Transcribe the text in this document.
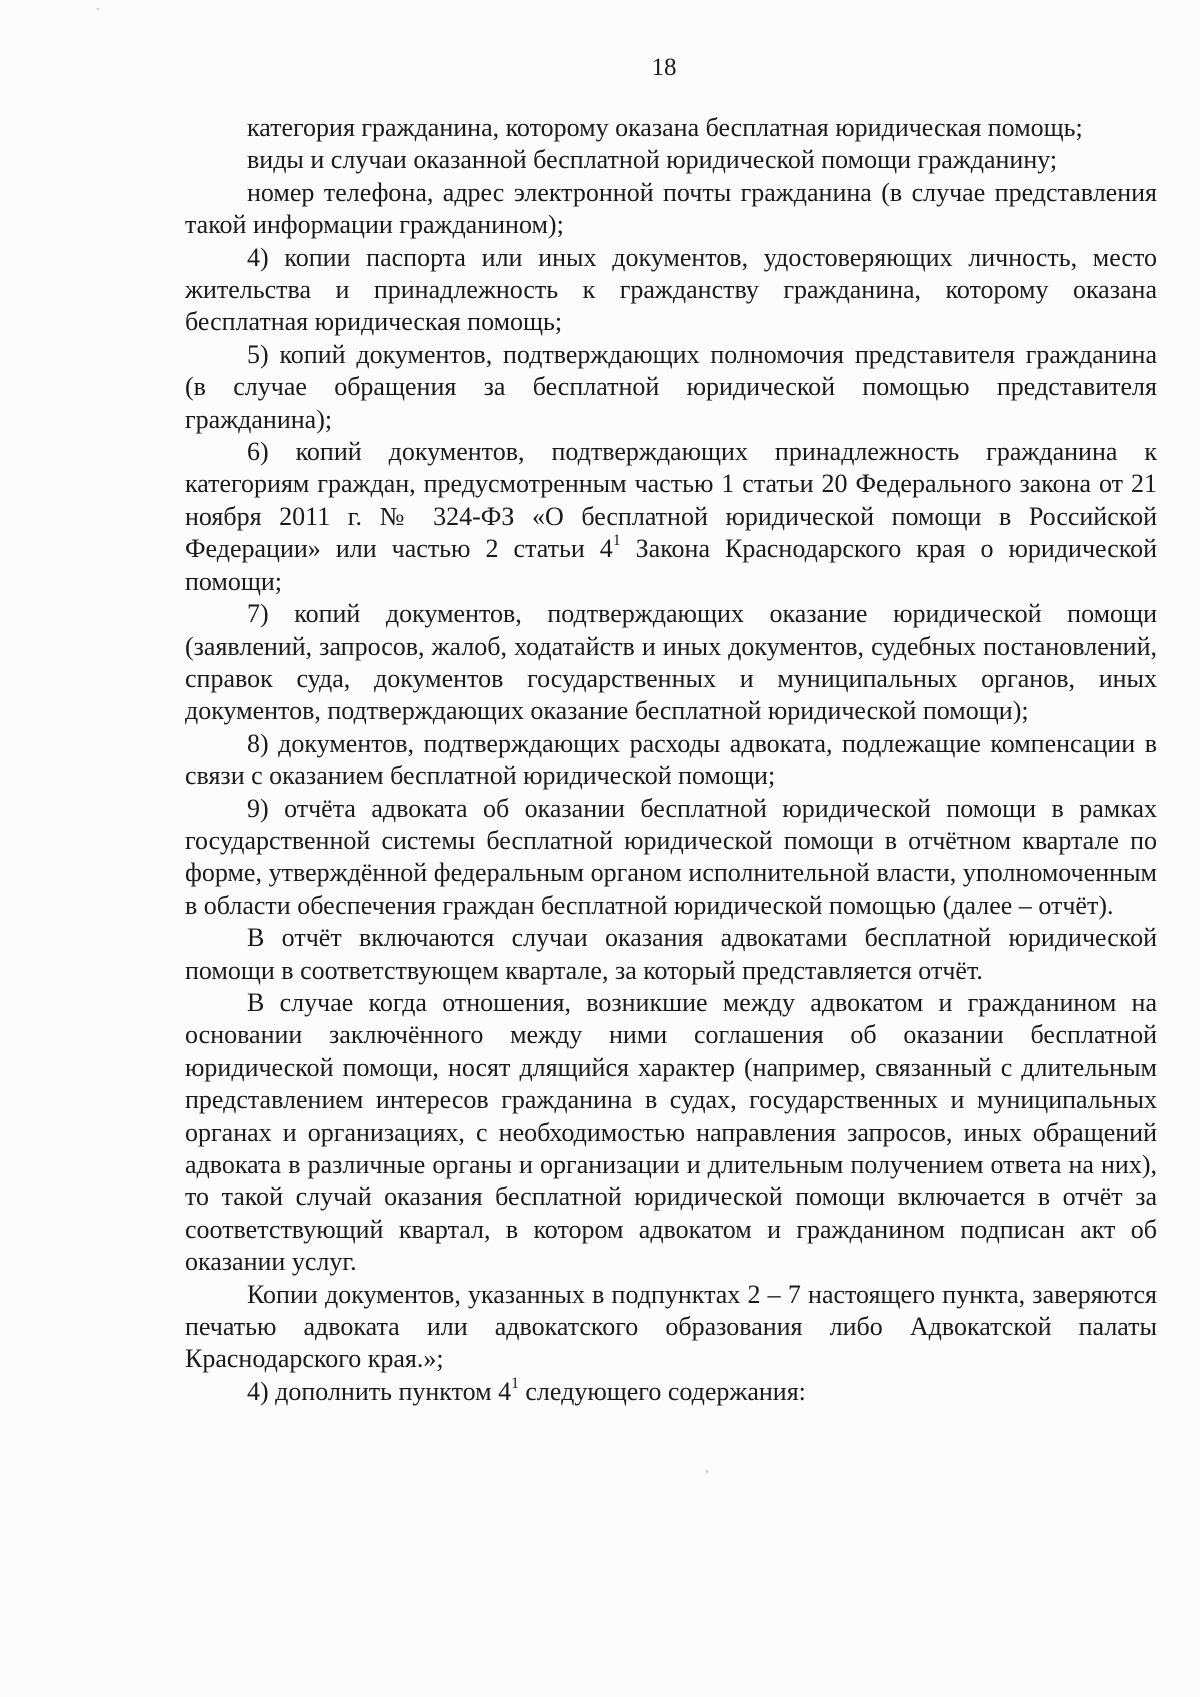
18

категория гражданина, которому оказана бесплатная юридическая помощь;

виды и случаи оказанной бесплатной юридической помощи гражданину;

номер телефона, адрес электронной почты гражданина (в случае представления такой информации гражданином);

4) копии паспорта или иных документов, удостоверяющих личность, место жительства и принадлежность к гражданству гражданина, которому оказана бесплатная юридическая помощь;

5) копий документов, подтверждающих полномочия представителя гражданина (в случае обращения за бесплатной юридической помощью представителя гражданина);

6) копий документов, подтверждающих принадлежность гражданина к категориям граждан, предусмотренным частью 1 статьи 20 Федерального закона от 21 ноября 2011 г. № 324-ФЗ «О бесплатной юридической помощи в Российской Федерации» или частью 2 статьи $4^1$ Закона Краснодарского края о юридической помощи;

7) копий документов, подтверждающих оказание юридической помощи (заявлений, запросов, жалоб, ходатайств и иных документов, судебных постановлений, справок суда, документов государственных и муниципальных органов, иных документов, подтверждающих оказание бесплатной юридической помощи);

8) документов, подтверждающих расходы адвоката, подлежащие компенсации в связи с оказанием бесплатной юридической помощи;

9) отчёта адвоката об оказании бесплатной юридической помощи в рамках государственной системы бесплатной юридической помощи в отчётном квартале по форме, утверждённой федеральным органом исполнительной власти, уполномоченным в области обеспечения граждан бесплатной юридической помощью (далее – отчёт).

В отчёт включаются случаи оказания адвокатами бесплатной юридической помощи в соответствующем квартале, за который представляется отчёт.

В случае когда отношения, возникшие между адвокатом и гражданином на основании заключённого между ними соглашения об оказании бесплатной юридической помощи, носят длящийся характер (например, связанный с длительным представлением интересов гражданина в судах, государственных и муниципальных органах и организациях, с необходимостью направления запросов, иных обращений адвоката в различные органы и организации и длительным получением ответа на них), то такой случай оказания бесплатной юридической помощи включается в отчёт за соответствующий квартал, в котором адвокатом и гражданином подписан акт об оказании услуг.

Копии документов, указанных в подпунктах 2 – 7 настоящего пункта, заверяются печатью адвоката или адвокатского образования либо Адвокатской палаты Краснодарского края.»;

4) дополнить пунктом $4^1$ следующего содержания:
